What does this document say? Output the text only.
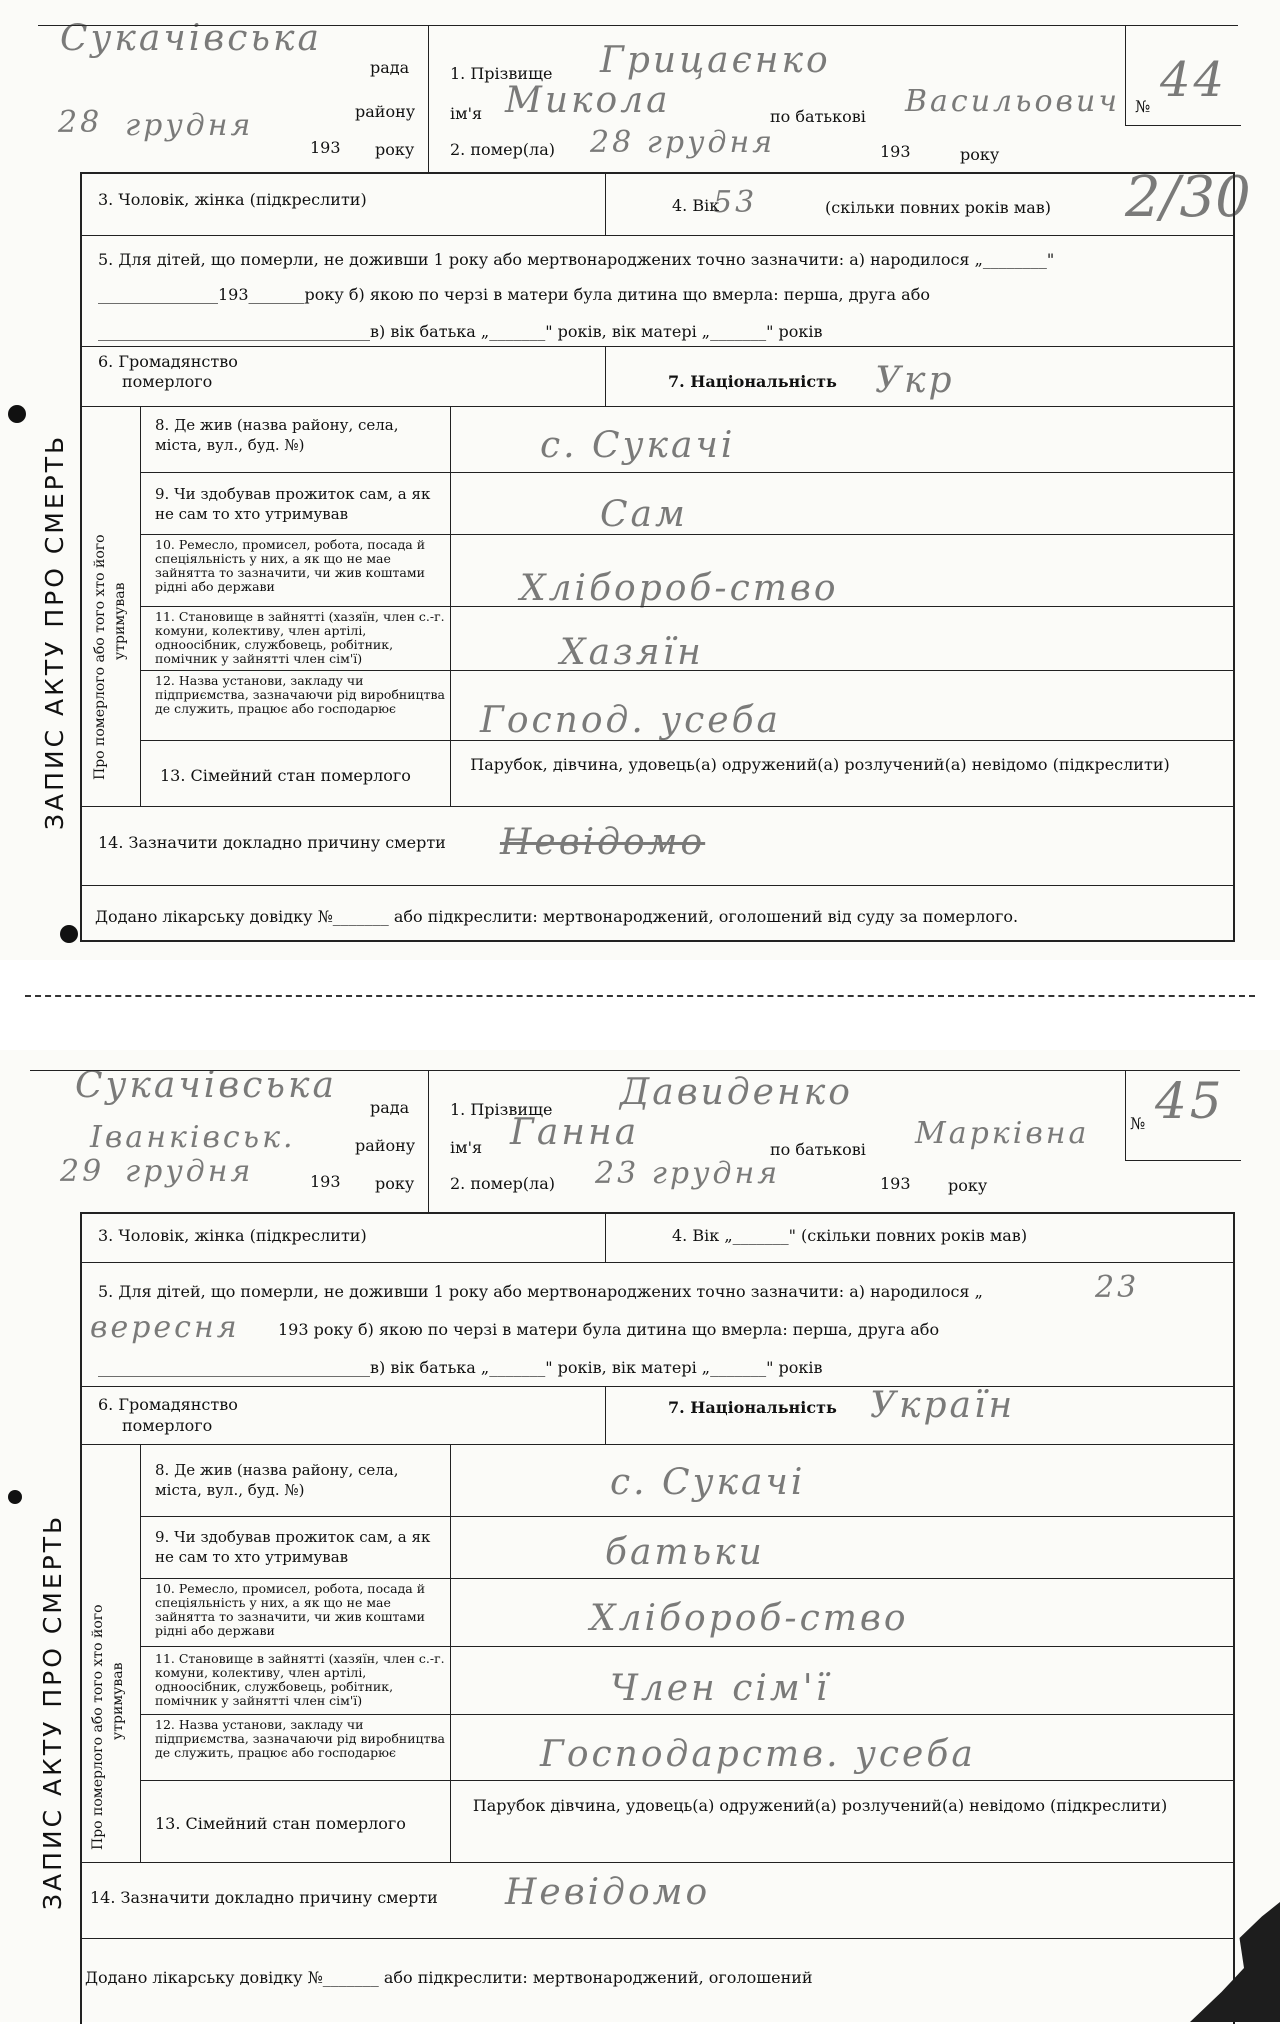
Сукачівська
рада
району
28 грудня
193 року
1. Прізвище Грицаєнко
ім'я Микола	по батькові Васильович № 44
2. помер(ла) 28 грудня	193	року
ЗАПИС АКТУ ПРО СМЕРТЬ Про померлого або того хто його утримував
3. Чоловік, жінка (підкреслити)	4. Вік
53	(скільки повних років мав) 2/30
5. Для дітей, що померли, не доживши 1 року або мертвонароджених точно зазначити: а) народилося „________"
_______________193_______року б) якою по черзі в матери була дитина що вмерла: перша, друга або
__________________________________в) вік батька „_______" років, вік матері „_______" років
6. Громадянство
померлого	7. Національність Укр
8. Де жив (назва району, села, міста, вул., буд. №)	с. Сукачі
9. Чи здобував прожиток сам, а як не сам то хто утримував	Сам
10. Ремесло, промисел, робота, посада й спеціяльність у них, а як що не мае зайнятта то зазначити, чи жив коштами рідні або держави	Хлібороб-ство
11. Становище в зайнятті (хазяїн, член с.-г. комуни, колективу, член артілі, одноосібник, службовець, робітник, помічник у зайнятті член сім'ї)	Хазяїн
12. Назва установи, закладу чи підприємства, зазначаючи рід виробництва де служить, працює або господарює	Господ. усеба
13. Сімейний стан померлого
Парубок, дівчина, удовець(а) одружений(а) розлучений(а) невідомо (підкреслити)
14. Зазначити докладно причину смерти Невідомо
Додано лікарську довідку №_______ або підкреслити: мертвонароджений, оголошений від суду за померлого.
Сукачівська
рада
Іванківськ.	району
29 грудня	193 року
1. Прізвище Давиденко
ім'я Ганна	по батькові Марківна	№ 45
2. помер(ла) 23 грудня	193 року
ЗАПИС АКТУ ПРО СМЕРТЬ Про померлого або того хто його утримував
3. Чоловік, жінка (підкреслити)	4. Вік „_______" (скільки повних років мав)
5. Для дітей, що померли, не доживши 1 року або мертвонароджених точно зазначити: а) народилося „	23
вересня 193 року б) якою по черзі в матери була дитина що вмерла: перша, друга або
__________________________________в) вік батька „_______" років, вік матері „_______" років
6. Громадянство
померлого
7. Національність Україн
8. Де жив (назва району, села, міста, вул., буд. №)	с. Сукачі
9. Чи здобував прожиток сам, а як не сам то хто утримував	батьки
10. Ремесло, промисел, робота, посада й спеціяльність у них, а як що не мае зайнятта то зазначити, чи жив коштами рідні або держави	Хлібороб-ство
11. Становище в зайнятті (хазяїн, член с.-г. комуни, колективу, член артілі, одноосібник, службовець, робітник, помічник у зайнятті член сім'ї)	Член сім'ї
12. Назва установи, закладу чи підприємства, зазначаючи рід виробництва де служить, працює або господарює	Господарств. усеба
13. Сімейний стан померлого
Парубок дівчина, удовець(а) одружений(а) розлучений(а) невідомо (підкреслити)
14. Зазначити докладно причину смерти Невідомо
Додано лікарську довідку №_______ або підкреслити: мертвонароджений, оголошений
